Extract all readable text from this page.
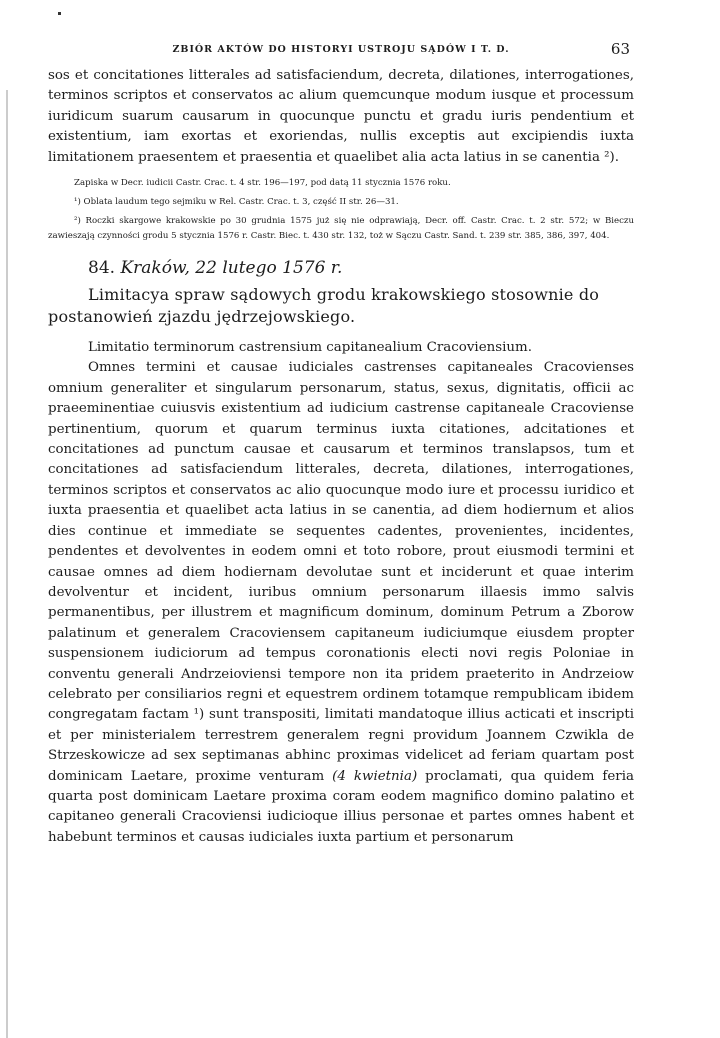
ZBIÓR AKTÓW DO HISTORYI USTROJU SĄDÓW I T. D.	63

sos et concitationes litterales ad satisfaciendum, decreta, dilationes, interrogationes, terminos scriptos et conservatos ac alium quemcunque modum iusque et processum iuridicum suarum causarum in quocunque punctu et gradu iuris pendentium et existentium, iam exortas et exoriendas, nullis exceptis aut excipiendis iuxta limitationem praesentem et praesentia et quaelibet alia acta latius in se canentia ²).

Zapiska w Decr. iudicii Castr. Crac. t. 4 str. 196—197, pod datą 11 stycznia 1576 roku.

¹) Oblata laudum tego sejmiku w Rel. Castr. Crac. t. 3, część II str. 26—31.

²) Roczki skargowe krakowskie po 30 grudnia 1575 już się nie odprawiają, Decr. off. Castr. Crac. t. 2 str. 572; w Bieczu zawieszają czynności grodu 5 stycznia 1576 r. Castr. Biec. t. 430 str. 132, toż w Sączu Castr. Sand. t. 239 str. 385, 386, 397, 404.

84. Kraków, 22 lutego 1576 r.

Limitacya spraw sądowych grodu krakowskiego stosownie do postanowień zjazdu jędrzejowskiego.

Limitatio terminorum castrensium capitanealium Cracoviensium.

Omnes termini et causae iudiciales castrenses capitaneales Cracovienses omnium generaliter et singularum personarum, status, sexus, dignitatis, officii ac praeeminentiae cuiusvis existentium ad iudicium castrense capitaneale Cracoviense pertinentium, quorum et quarum terminus iuxta citationes, adcitationes et concitationes ad punctum causae et causarum et terminos translapsos, tum et concitationes ad satisfaciendum litterales, decreta, dilationes, interrogationes, terminos scriptos et conservatos ac alio quocunque modo iure et processu iuridico et iuxta praesentia et quaelibet acta latius in se canentia, ad diem hodiernum et alios dies continue et immediate se sequentes cadentes, provenientes, incidentes, pendentes et devolventes in eodem omni et toto robore, prout eiusmodi termini et causae omnes ad diem hodiernam devolutae sunt et inciderunt et quae interim devolventur et incident, iuribus omnium personarum illaesis immo salvis permanentibus, per illustrem et magnificum dominum, dominum Petrum a Zborow palatinum et generalem Cracoviensem capitaneum iudiciumque eiusdem propter suspensionem iudiciorum ad tempus coronationis electi novi regis Poloniae in conventu generali Andrzeioviensi tempore non ita pridem praeterito in Andrzeiow celebrato per consiliarios regni et equestrem ordinem totamque rempublicam ibidem congregatam factam ¹) sunt transpositi, limitati mandatoque illius acticati et inscripti et per ministerialem terrestrem generalem regni providum Joannem Czwikla de Strzeskowicze ad sex septimanas abhinc proximas videlicet ad feriam quartam post dominicam Laetare, proxime venturam (4 kwietnia) proclamati, qua quidem feria quarta post dominicam Laetare proxima coram eodem magnifico domino palatino et capitaneo generali Cracoviensi iudicioque illius personae et partes omnes habent et habebunt terminos et causas iudiciales iuxta partium et personarum
